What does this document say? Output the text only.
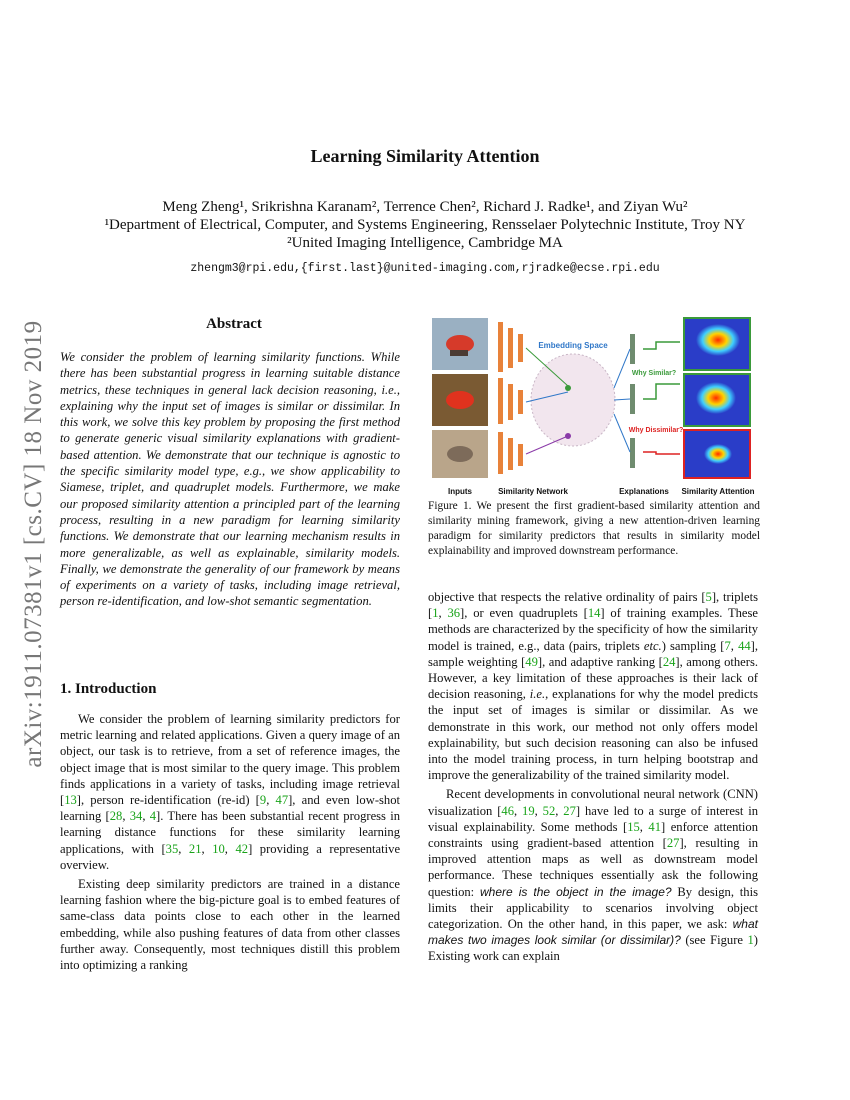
arXiv:1911.07381v1 [cs.CV] 18 Nov 2019
Learning Similarity Attention
Meng Zheng¹, Srikrishna Karanam², Terrence Chen², Richard J. Radke¹, and Ziyan Wu²
¹Department of Electrical, Computer, and Systems Engineering, Rensselaer Polytechnic Institute, Troy NY
²United Imaging Intelligence, Cambridge MA
zhengm3@rpi.edu,{first.last}@united-imaging.com,rjradke@ecse.rpi.edu
Abstract
We consider the problem of learning similarity functions. While there has been substantial progress in learning suitable distance metrics, these techniques in general lack decision reasoning, i.e., explaining why the input set of images is similar or dissimilar. In this work, we solve this key problem by proposing the first method to generate generic visual similarity explanations with gradient-based attention. We demonstrate that our technique is agnostic to the specific similarity model type, e.g., we show applicability to Siamese, triplet, and quadruplet models. Furthermore, we make our proposed similarity attention a principled part of the learning process, resulting in a new paradigm for learning similarity functions. We demonstrate that our learning mechanism results in more generalizable, as well as explainable, similarity models. Finally, we demonstrate the generality of our framework by means of experiments on a variety of tasks, including image retrieval, person re-identification, and low-shot semantic segmentation.
Embedding Space
Why Similar?
Why Dissimilar?
Inputs	Similarity Network	Explanations Similarity Attention
Figure 1. We present the first gradient-based similarity attention and similarity mining framework, giving a new attention-driven learning paradigm for similarity predictors that results in similarity model explainability and improved downstream performance.
1. Introduction

We consider the problem of learning similarity predictors for metric learning and related applications. Given a query image of an object, our task is to retrieve, from a set of reference images, the object image that is most similar to the query image. This problem finds applications in a variety of tasks, including image retrieval [13], person re-identification (re-id) [9, 47], and even low-shot learning [28, 34, 4]. There has been substantial recent progress in learning distance functions for these similarity learning applications, with [35, 21, 10, 42] providing a representative overview.

Existing deep similarity predictors are trained in a distance learning fashion where the big-picture goal is to embed features of same-class data points close to each other in the learned embedding, while also pushing features of data from other classes further away. Consequently, most techniques distill this problem into optimizing a ranking

objective that respects the relative ordinality of pairs [5], triplets [1, 36], or even quadruplets [14] of training examples. These methods are characterized by the specificity of how the similarity model is trained, e.g., data (pairs, triplets etc.) sampling [7, 44], sample weighting [49], and adaptive ranking [24], among others. However, a key limitation of these approaches is their lack of decision reasoning, i.e., explanations for why the model predicts the input set of images is similar or dissimilar. As we demonstrate in this work, our method not only offers model explainability, but such decision reasoning can also be infused into the model training process, in turn helping bootstrap and improve the generalizability of the trained similarity model.

Recent developments in convolutional neural network (CNN) visualization [46, 19, 52, 27] have led to a surge of interest in visual explainability. Some methods [15, 41] enforce attention constraints using gradient-based attention [27], resulting in improved attention maps as well as downstream model performance. These techniques essentially ask the following question: where is the object in the image? By design, this limits their applicability to scenarios involving object categorization. On the other hand, in this paper, we ask: what makes two images look similar (or dissimilar)? (see Figure 1) Existing work can explain
